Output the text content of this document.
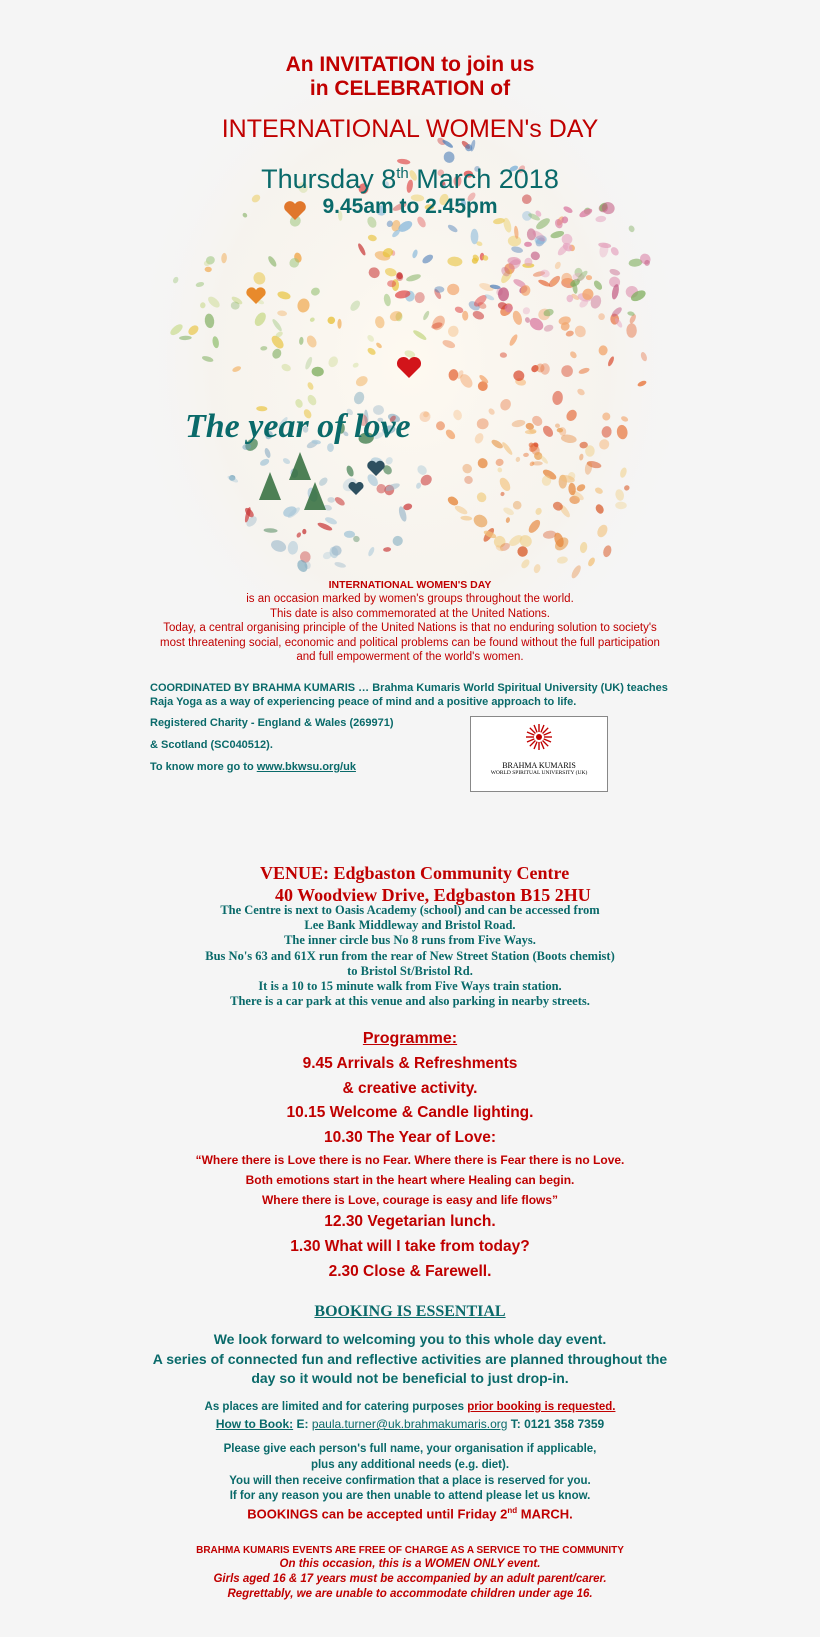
An INVITATION to join us
in CELEBRATION of
INTERNATIONAL WOMEN's DAY
Thursday 8th March 2018
9.45am to 2.45pm
The year of love
INTERNATIONAL WOMEN'S DAY
is an occasion marked by women's groups throughout the world.
This date is also commemorated at the United Nations.
Today, a central organising principle of the United Nations is that no enduring solution to society's
most threatening social, economic and political problems can be found without the full participation
and full empowerment of the world's women.
COORDINATED BY BRAHMA KUMARIS … Brahma Kumaris World Spiritual University (UK) teaches
Raja Yoga as a way of experiencing peace of mind and a positive approach to life.
Registered Charity - England & Wales (269971)
& Scotland (SC040512).
To know more go to www.bkwsu.org/uk	BRAHMA KUMARIS
WORLD SPIRITUAL UNIVERSITY (UK)
VENUE: Edgbaston Community Centre
40 Woodview Drive, Edgbaston B15 2HU
The Centre is next to Oasis Academy (school) and can be accessed from
Lee Bank Middleway and Bristol Road.
The inner circle bus No 8 runs from Five Ways.
Bus No's 63 and 61X run from the rear of New Street Station (Boots chemist)
to Bristol St/Bristol Rd.
It is a 10 to 15 minute walk from Five Ways train station.
There is a car park at this venue and also parking in nearby streets.
Programme:
9.45 Arrivals & Refreshments
& creative activity.
10.15 Welcome & Candle lighting.
10.30 The Year of Love:
“Where there is Love there is no Fear. Where there is Fear there is no Love.
Both emotions start in the heart where Healing can begin.
Where there is Love, courage is easy and life flows”
12.30 Vegetarian lunch.
1.30 What will I take from today?
2.30 Close & Farewell.
BOOKING IS ESSENTIAL
We look forward to welcoming you to this whole day event.
A series of connected fun and reflective activities are planned throughout the
day so it would not be beneficial to just drop-in.
As places are limited and for catering purposes prior booking is requested.
How to Book: E: paula.turner@uk.brahmakumaris.org T: 0121 358 7359
Please give each person's full name, your organisation if applicable,
plus any additional needs (e.g. diet).
You will then receive confirmation that a place is reserved for you.
If for any reason you are then unable to attend please let us know.
BOOKINGS can be accepted until Friday 2nd MARCH.
BRAHMA KUMARIS EVENTS ARE FREE OF CHARGE AS A SERVICE TO THE COMMUNITY
On this occasion, this is a WOMEN ONLY event.
Girls aged 16 & 17 years must be accompanied by an adult parent/carer.
Regrettably, we are unable to accommodate children under age 16.
